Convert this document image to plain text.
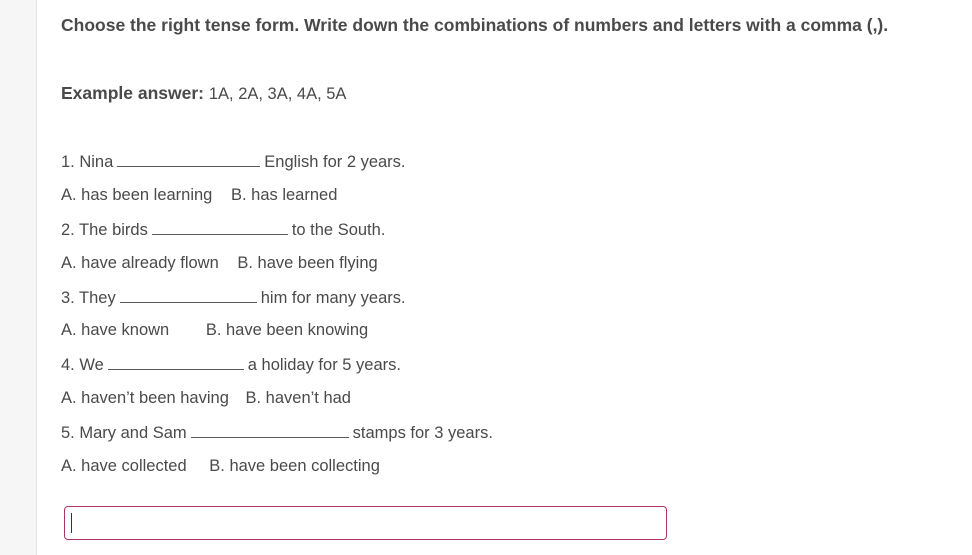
Choose the right tense form. Write down the combinations of numbers and letters with a comma (,).
Example answer: 1A, 2A, 3A, 4A, 5A
1. Nina	English for 2 years.
A. has been learning B. has learned
2. The birds	to the South.
A. have already flown B. have been flying
3. They	him for many years.
A. have known B. have been knowing
4. We	a holiday for 5 years.
A. haven’t been having B. haven’t had
5. Mary and Sam	stamps for 3 years.
A. have collected B. have been collecting
